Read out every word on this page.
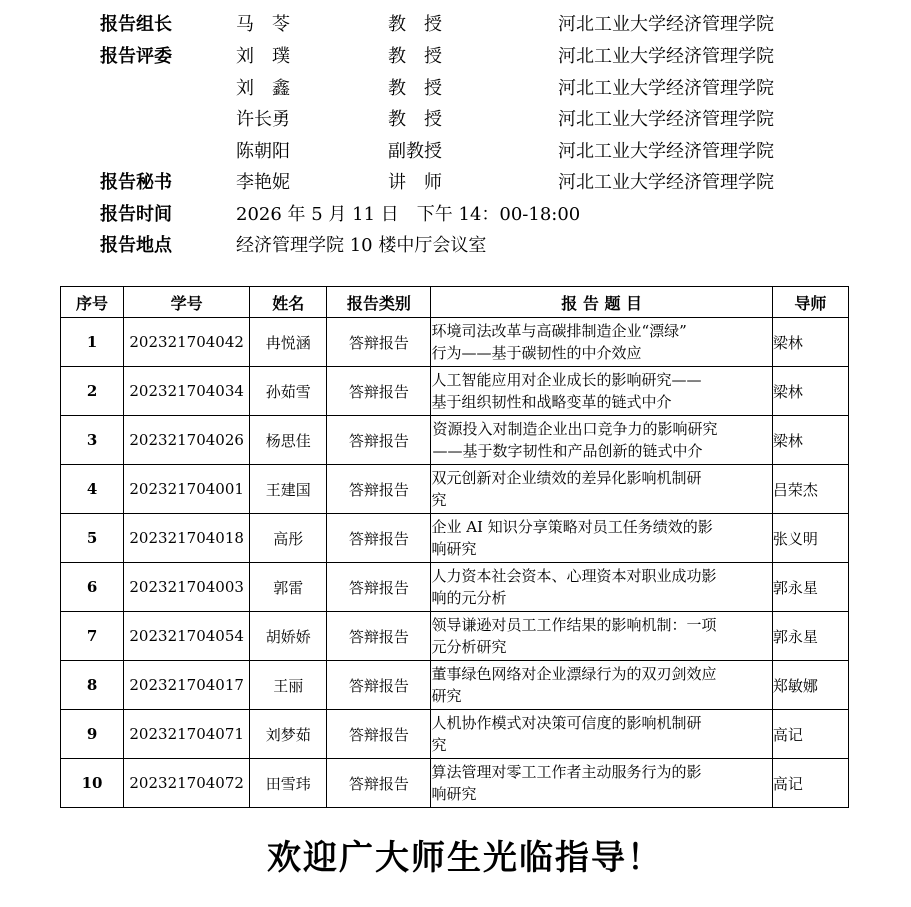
报告组长	马　苓	教　授	河北工业大学经济管理学院
报告评委	刘　璞	教　授	河北工业大学经济管理学院
刘　鑫	教　授	河北工业大学经济管理学院
许长勇	教　授	河北工业大学经济管理学院
陈朝阳	副教授	河北工业大学经济管理学院
报告秘书	李艳妮	讲　师	河北工业大学经济管理学院
报告时间	2026 年 5 月 11 日　下午 14：00-18:00
报告地点	经济管理学院 10 楼中厅会议室
序号	学号	姓名	报告类别	报 告 题 目	导师
1	202321704042	冉悦涵	答辩报告	环境司法改革与高碳排制造企业“漂绿”
行为——基于碳韧性的中介效应	梁林
2	202321704034	孙茹雪	答辩报告	人工智能应用对企业成长的影响研究——
基于组织韧性和战略变革的链式中介	梁林
3	202321704026	杨思佳	答辩报告	资源投入对制造企业出口竞争力的影响研究
——基于数字韧性和产品创新的链式中介	梁林
4	202321704001	王建国	答辩报告	双元创新对企业绩效的差异化影响机制研
究	吕荣杰
5	202321704018	高彤	答辩报告	企业 AI 知识分享策略对员工任务绩效的影
响研究	张义明
6	202321704003	郭雷	答辩报告	人力资本社会资本、心理资本对职业成功影
响的元分析	郭永星
7	202321704054	胡娇娇	答辩报告	领导谦逊对员工工作结果的影响机制：一项
元分析研究	郭永星
8	202321704017	王丽	答辩报告	董事绿色网络对企业漂绿行为的双刃剑效应
研究	郑敏娜
9	202321704071	刘梦茹	答辩报告	人机协作模式对决策可信度的影响机制研
究	高记
10	202321704072	田雪玮	答辩报告	算法管理对零工工作者主动服务行为的影
响研究	高记
欢迎广大师生光临指导！
